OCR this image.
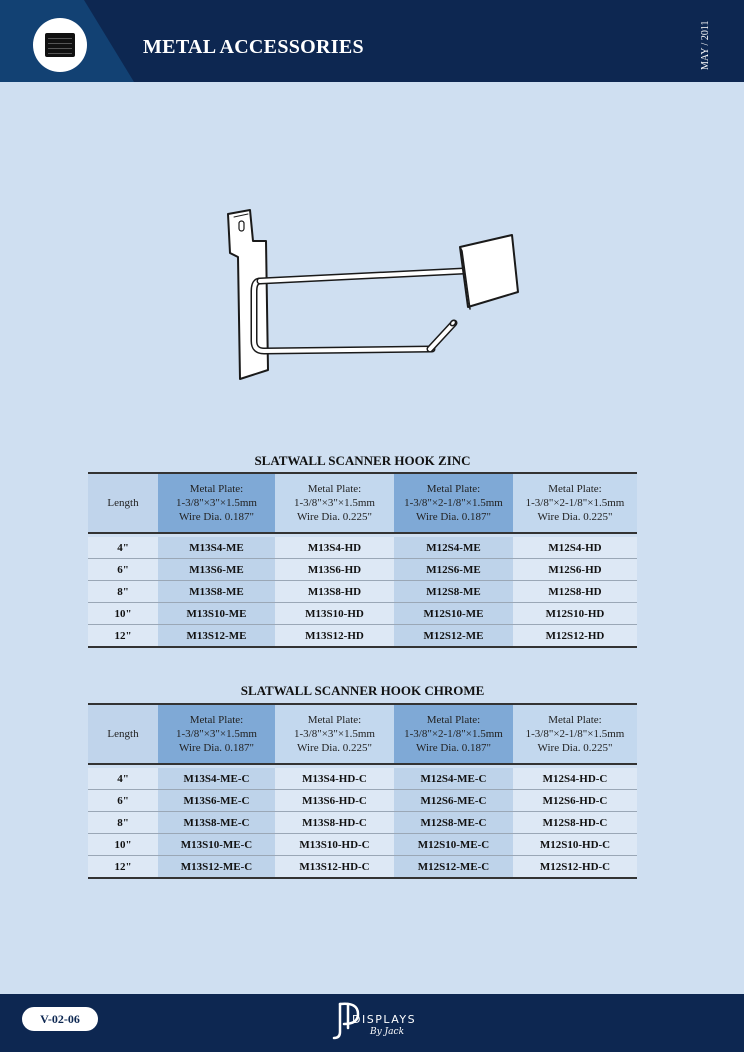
METAL ACCESSORIES	MAY / 2011
SLATWALL SCANNER HOOK ZINC
Length	Metal Plate:
1-3/8"×3"×1.5mm
Wire Dia. 0.187"	Metal Plate:
1-3/8"×3"×1.5mm
Wire Dia. 0.225"	Metal Plate:
1-3/8"×2-1/8"×1.5mm
Wire Dia. 0.187"	Metal Plate:
1-3/8"×2-1/8"×1.5mm
Wire Dia. 0.225"

4"	M13S4-ME	M13S4-HD	M12S4-ME	M12S4-HD
6"	M13S6-ME	M13S6-HD	M12S6-ME	M12S6-HD
8"	M13S8-ME	M13S8-HD	M12S8-ME	M12S8-HD
10"	M13S10-ME	M13S10-HD	M12S10-ME	M12S10-HD
12"	M13S12-ME	M13S12-HD	M12S12-ME	M12S12-HD
SLATWALL SCANNER HOOK CHROME
Length	Metal Plate:
1-3/8"×3"×1.5mm
Wire Dia. 0.187"	Metal Plate:
1-3/8"×3"×1.5mm
Wire Dia. 0.225"	Metal Plate:
1-3/8"×2-1/8"×1.5mm
Wire Dia. 0.187"	Metal Plate:
1-3/8"×2-1/8"×1.5mm
Wire Dia. 0.225"

4"	M13S4-ME-C	M13S4-HD-C	M12S4-ME-C	M12S4-HD-C
6"	M13S6-ME-C	M13S6-HD-C	M12S6-ME-C	M12S6-HD-C
8"	M13S8-ME-C	M13S8-HD-C	M12S8-ME-C	M12S8-HD-C
10"	M13S10-ME-C	M13S10-HD-C	M12S10-ME-C	M12S10-HD-C
12"	M13S12-ME-C	M13S12-HD-C	M12S12-ME-C	M12S12-HD-C
V-02-06	DISPLAYS
By Jack
